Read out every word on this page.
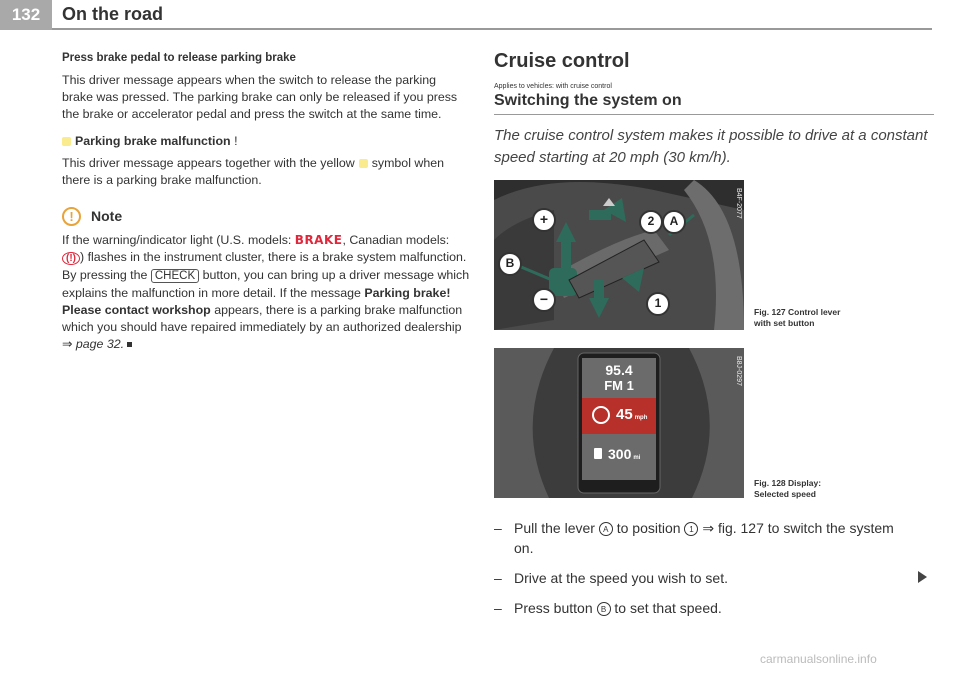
132	On the road

Press brake pedal to release parking brake

This driver message appears when the switch to release the parking brake was pressed. The parking brake can only be released if you press the brake or accelerator pedal and press the switch at the same time.

Parking brake malfunction !

This driver message appears together with the yellow symbol when there is a parking brake malfunction.

!	Note

If the warning/indicator light (U.S. models: BRAKE, Canadian models: (!) ) flashes in the instrument cluster, there is a brake system malfunction. By pressing the CHECK button, you can bring up a driver message which explains the malfunction in more detail. If the message Parking brake! Please contact workshop appears, there is a parking brake malfunction which you should have repaired immediately by an authorized dealership ⇒ page 32.

Cruise control
Applies to vehicles: with cruise control
Switching the system on

The cruise control system makes it possible to drive at a constant speed starting at 20 mph (30 km/h).

+
−
A
B
1
2
B4F-2077
Fig. 127 Control lever
with set button
95.4
FM 1
45 mph
300 mi
B8J-0297
Fig. 128 Display:
Selected speed
– Pull the lever A to position 1 ⇒ fig. 127 to switch the system on.
– Drive at the speed you wish to set.
– Press button B to set that speed.
carmanualsonline.info
